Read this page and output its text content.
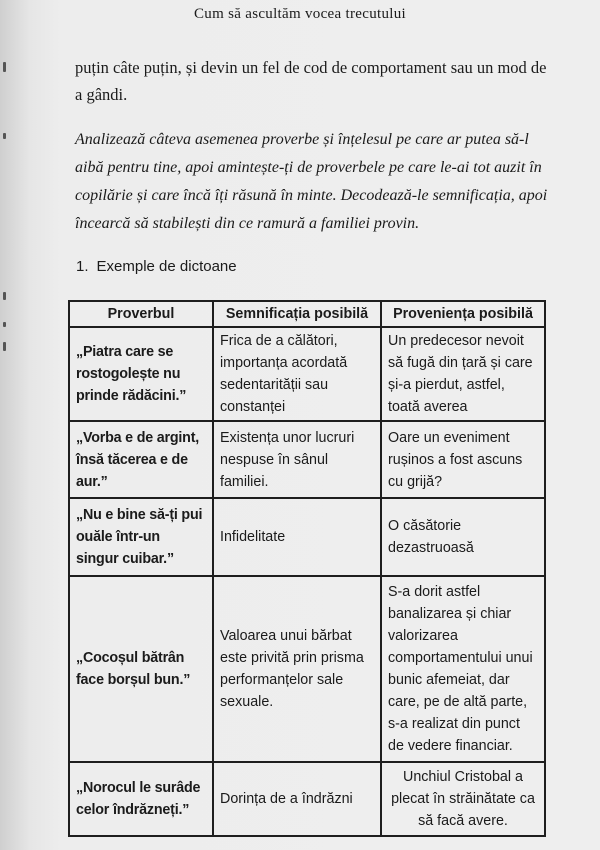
Cum să ascultăm vocea trecutului

puțin câte puțin, și devin un fel de cod de comportament sau un mod de a gândi.

Analizează câteva asemenea proverbe și înțelesul pe care ar putea să-l aibă pentru tine, apoi amintește-ți de proverbele pe care le-ai tot auzit în copilărie și care încă îți răsună în minte. Decodează-le semnificația, apoi încearcă să stabilești din ce ramură a familiei provin.

1. Exemple de dictoane
Proverbul	Semnificația posibilă	Proveniența posibilă
„Piatra care se rostogolește nu prinde rădăcini.”	Frica de a călători, importanța acordată sedentarității sau constanței	Un predecesor nevoit să fugă din țară și care și-a pierdut, astfel, toată averea
„Vorba e de argint, însă tăcerea e de aur.”	Existența unor lucruri nespuse în sânul familiei.	Oare un eveniment rușinos a fost ascuns cu grijă?
„Nu e bine să-ți pui ouăle într-un singur cuibar.”	Infidelitate	O căsătorie dezastruoasă
„Cocoșul bătrân face borșul bun.”	Valoarea unui bărbat este privită prin prisma performanțelor sale sexuale.	S-a dorit astfel banalizarea și chiar valorizarea comportamentului unui bunic afemeiat, dar care, pe de altă parte, s-a realizat din punct de vedere financiar.
„Norocul le surâde celor îndrăzneți.”	Dorința de a îndrăzni	Unchiul Cristobal a plecat în străinătate ca să facă avere.
